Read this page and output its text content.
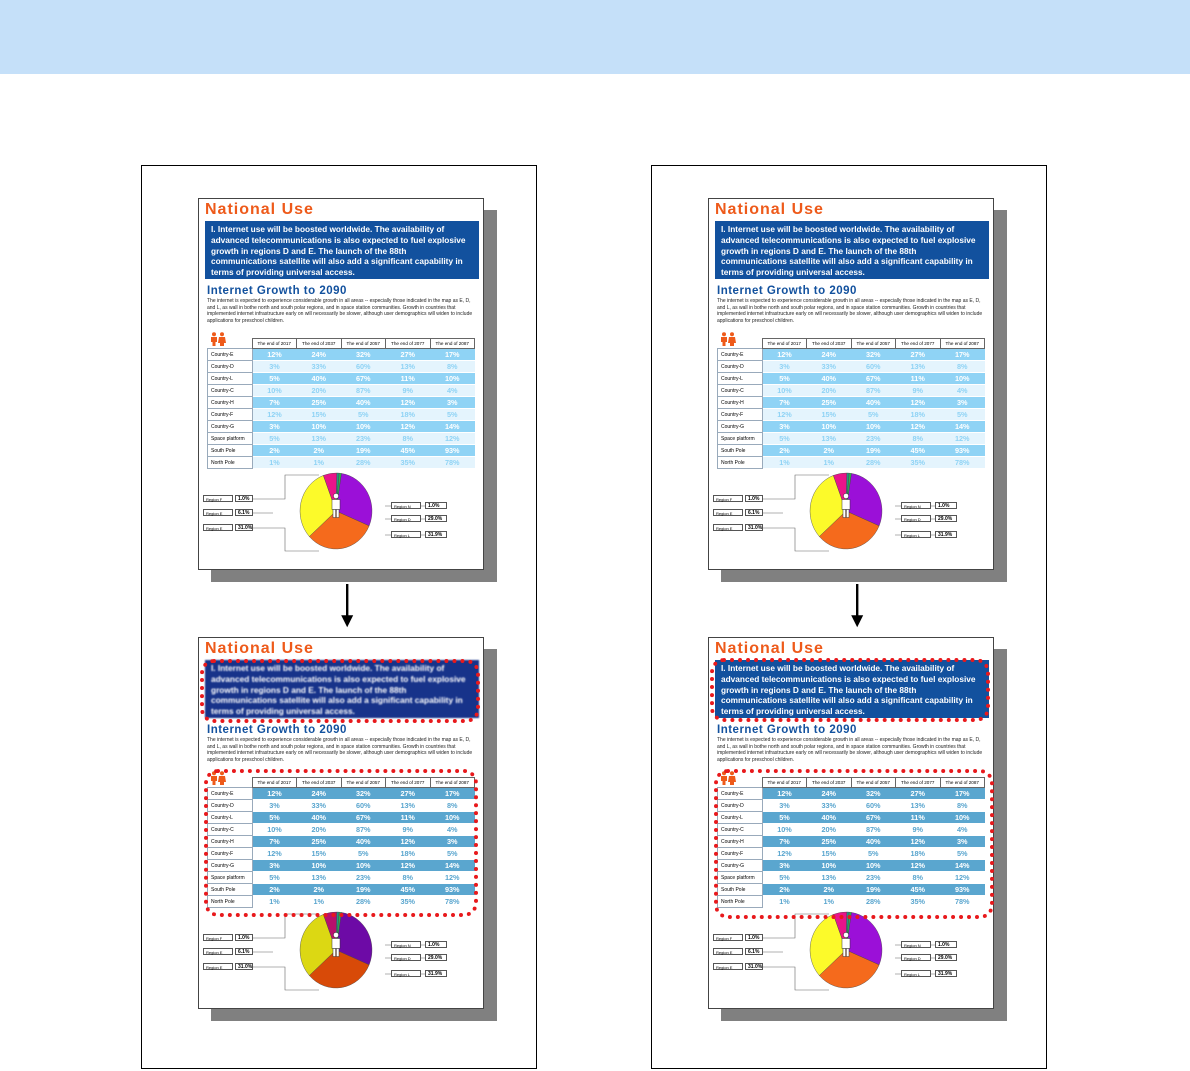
National Use
I. Internet use will be boosted worldwide. The availability of advanced telecommunications is also expected to fuel explosive growth in regions D and E. The launch of the 88th communications satellite will also add a significant capability in terms of providing universal access.
Internet Growth to 2090
The internet is expected to experience considerable growth in all areas -- especially those indicated in the map as E, D, and L, as wall in bothe north and south polar regions, and in space station communities. Growth in countries that implemented internet infrastructure early on will necessarily be slower, although user demographics will widen to include applications for preschool children.
	The end of 2017	The end of 2037	The end of 2057	The end of 2077	The end of 2087
Country-E	12%	24%	32%	27%	17%
Country-D	3%	33%	60%	13%	8%
Country-L	5%	40%	67%	11%	10%
Country-C	10%	20%	87%	9%	4%
Country-H	7%	25%	40%	12%	3%
Country-F	12%	15%	5%	18%	5%
Country-G	3%	10%	10%	12%	14%
Space platform	5%	13%	23%	8%	12%
South Pole	2%	2%	19%	45%	93%
North Pole	1%	1%	28%	35%	78%
Region F	1.0%
Region E	6.1%
Region E	31.0%
Region N	1.0%
Region D	29.0%
Region L	31.9%
National Use
I. Internet use will be boosted worldwide. The availability of advanced telecommunications is also expected to fuel explosive growth in regions D and E. The launch of the 88th communications satellite will also add a significant capability in terms of providing universal access.
Internet Growth to 2090
The internet is expected to experience considerable growth in all areas -- especially those indicated in the map as E, D, and L, as wall in bothe north and south polar regions, and in space station communities. Growth in countries that implemented internet infrastructure early on will necessarily be slower, although user demographics will widen to include applications for preschool children.
	The end of 2017	The end of 2037	The end of 2057	The end of 2077	The end of 2087
Country-E	12%	24%	32%	27%	17%
Country-D	3%	33%	60%	13%	8%
Country-L	5%	40%	67%	11%	10%
Country-C	10%	20%	87%	9%	4%
Country-H	7%	25%	40%	12%	3%
Country-F	12%	15%	5%	18%	5%
Country-G	3%	10%	10%	12%	14%
Space platform	5%	13%	23%	8%	12%
South Pole	2%	2%	19%	45%	93%
North Pole	1%	1%	28%	35%	78%
Region F	1.0%
Region E	6.1%
Region E	31.0%
Region N	1.0%
Region D	29.0%
Region L	31.9%
National Use
I. Internet use will be boosted worldwide. The availability of advanced telecommunications is also expected to fuel explosive growth in regions D and E. The launch of the 88th communications satellite will also add a significant capability in terms of providing universal access.
Internet Growth to 2090
The internet is expected to experience considerable growth in all areas -- especially those indicated in the map as E, D, and L, as wall in bothe north and south polar regions, and in space station communities. Growth in countries that implemented internet infrastructure early on will necessarily be slower, although user demographics will widen to include applications for preschool children.
	The end of 2017	The end of 2037	The end of 2057	The end of 2077	The end of 2087
Country-E	12%	24%	32%	27%	17%
Country-D	3%	33%	60%	13%	8%
Country-L	5%	40%	67%	11%	10%
Country-C	10%	20%	87%	9%	4%
Country-H	7%	25%	40%	12%	3%
Country-F	12%	15%	5%	18%	5%
Country-G	3%	10%	10%	12%	14%
Space platform	5%	13%	23%	8%	12%
South Pole	2%	2%	19%	45%	93%
North Pole	1%	1%	28%	35%	78%
Region F	1.0%
Region E	6.1%
Region E	31.0%
Region N	1.0%
Region D	29.0%
Region L	31.9%
National Use
I. Internet use will be boosted worldwide. The availability of advanced telecommunications is also expected to fuel explosive growth in regions D and E. The launch of the 88th communications satellite will also add a significant capability in terms of providing universal access.
Internet Growth to 2090
The internet is expected to experience considerable growth in all areas -- especially those indicated in the map as E, D, and L, as wall in bothe north and south polar regions, and in space station communities. Growth in countries that implemented internet infrastructure early on will necessarily be slower, although user demographics will widen to include applications for preschool children.
	The end of 2017	The end of 2037	The end of 2057	The end of 2077	The end of 2087
Country-E	12%	24%	32%	27%	17%
Country-D	3%	33%	60%	13%	8%
Country-L	5%	40%	67%	11%	10%
Country-C	10%	20%	87%	9%	4%
Country-H	7%	25%	40%	12%	3%
Country-F	12%	15%	5%	18%	5%
Country-G	3%	10%	10%	12%	14%
Space platform	5%	13%	23%	8%	12%
South Pole	2%	2%	19%	45%	93%
North Pole	1%	1%	28%	35%	78%
Region F	1.0%
Region E	6.1%
Region E	31.0%
Region N	1.0%
Region D	29.0%
Region L	31.9%
